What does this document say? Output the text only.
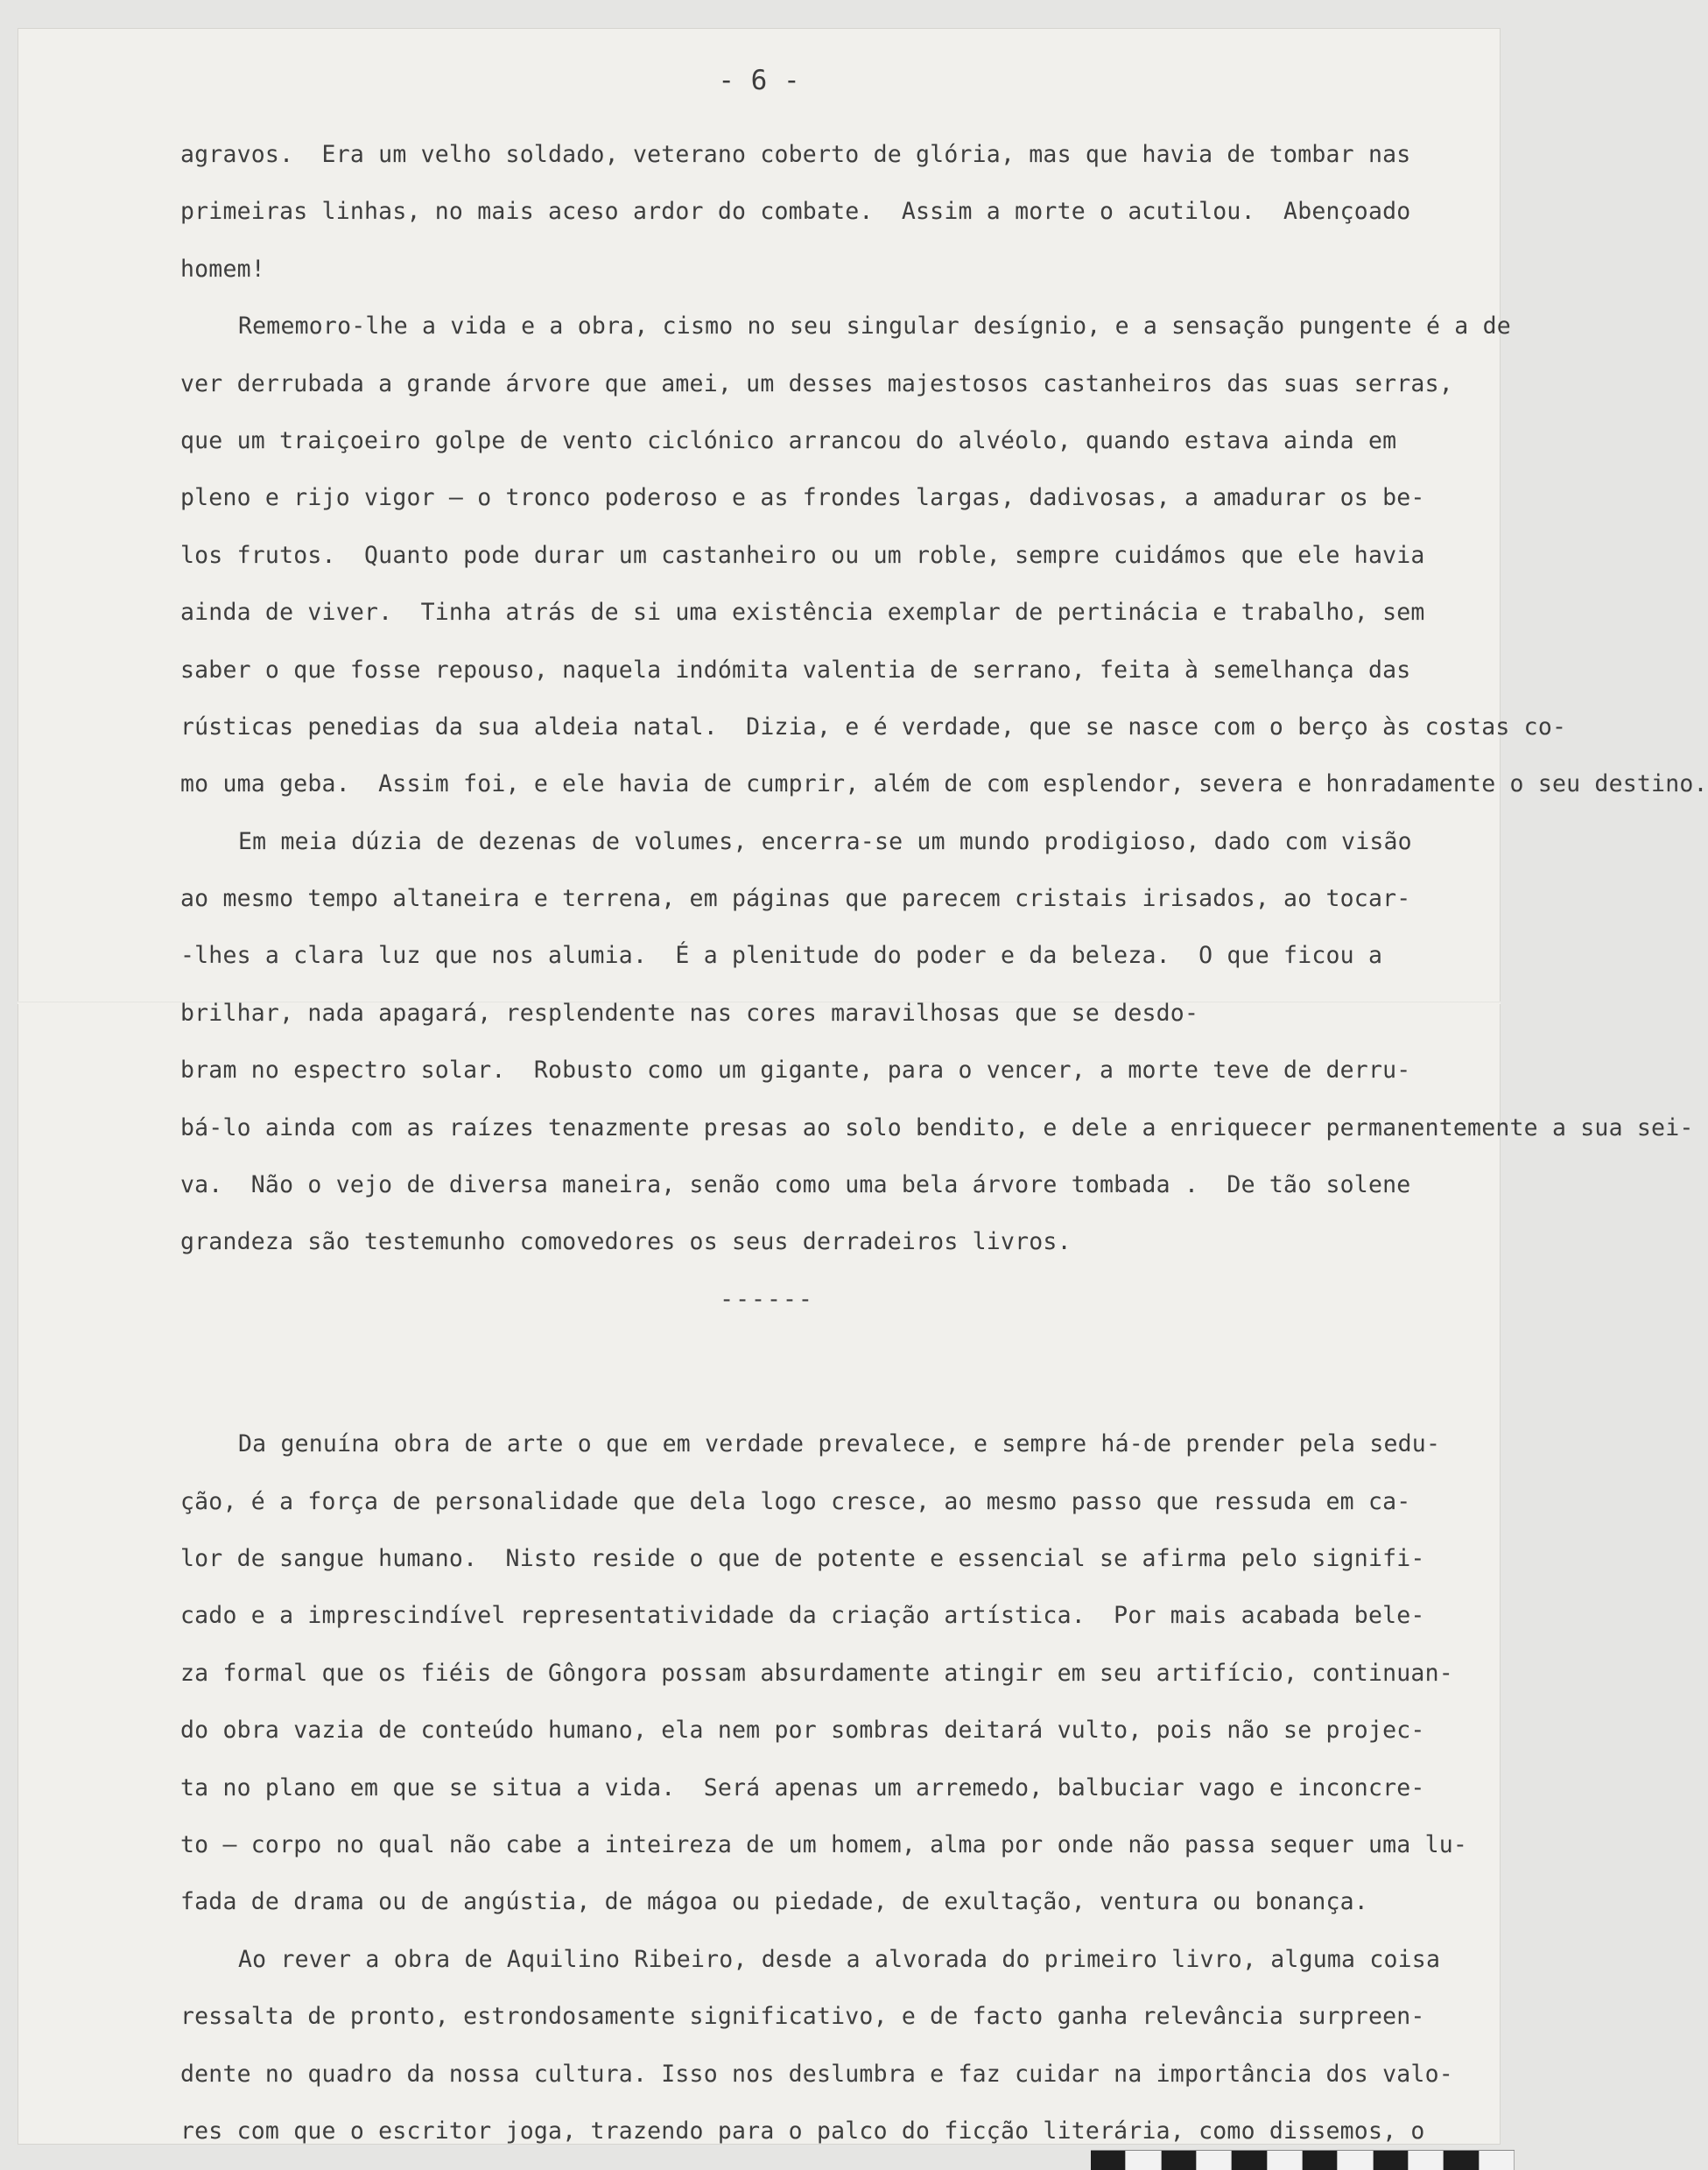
- 6 -
agravos.  Era um velho soldado, veterano coberto de glória, mas que havia de tombar nas
primeiras linhas, no mais aceso ardor do combate.  Assim a morte o acutilou.  Abençoado
homem!
Rememoro-lhe a vida e a obra, cismo no seu singular desígnio, e a sensação pungente é a de
ver derrubada a grande árvore que amei, um desses majestosos castanheiros das suas serras,
que um traiçoeiro golpe de vento ciclónico arrancou do alvéolo, quando estava ainda em
pleno e rijo vigor — o tronco poderoso e as frondes largas, dadivosas, a amadurar os be-
los frutos.  Quanto pode durar um castanheiro ou um roble, sempre cuidámos que ele havia
ainda de viver.  Tinha atrás de si uma existência exemplar de pertinácia e trabalho, sem
saber o que fosse repouso, naquela indómita valentia de serrano, feita à semelhança das
rústicas penedias da sua aldeia natal.  Dizia, e é verdade, que se nasce com o berço às costas co-
mo uma geba.  Assim foi, e ele havia de cumprir, além de com esplendor, severa e honradamente o seu destino.
Em meia dúzia de dezenas de volumes, encerra-se um mundo prodigioso, dado com visão
ao mesmo tempo altaneira e terrena, em páginas que parecem cristais irisados, ao tocar-
-lhes a clara luz que nos alumia.  É a plenitude do poder e da beleza.  O que ficou a
brilhar, nada apagará, resplendente nas cores maravilhosas que se desdo-
bram no espectro solar.  Robusto como um gigante, para o vencer, a morte teve de derru-
bá-lo ainda com as raízes tenazmente presas ao solo bendito, e dele a enriquecer permanentemente a sua sei-
va.  Não o vejo de diversa maneira, senão como uma bela árvore tombada .  De tão solene
grandeza são testemunho comovedores os seus derradeiros livros.
------
Da genuína obra de arte o que em verdade prevalece, e sempre há-de prender pela sedu-
ção, é a força de personalidade que dela logo cresce, ao mesmo passo que ressuda em ca-
lor de sangue humano.  Nisto reside o que de potente e essencial se afirma pelo signifi-
cado e a imprescindível representatividade da criação artística.  Por mais acabada bele-
za formal que os fiéis de Gôngora possam absurdamente atingir em seu artifício, continuan-
do obra vazia de conteúdo humano, ela nem por sombras deitará vulto, pois não se projec-
ta no plano em que se situa a vida.  Será apenas um arremedo, balbuciar vago e inconcre-
to — corpo no qual não cabe a inteireza de um homem, alma por onde não passa sequer uma lu-
fada de drama ou de angústia, de mágoa ou piedade, de exultação, ventura ou bonança.
Ao rever a obra de Aquilino Ribeiro, desde a alvorada do primeiro livro, alguma coisa
ressalta de pronto, estrondosamente significativo, e de facto ganha relevância surpreen-
dente no quadro da nossa cultura. Isso nos deslumbra e faz cuidar na importância dos valo-
res com que o escritor joga, trazendo para o palco do ficção literária, como dissemos, o
